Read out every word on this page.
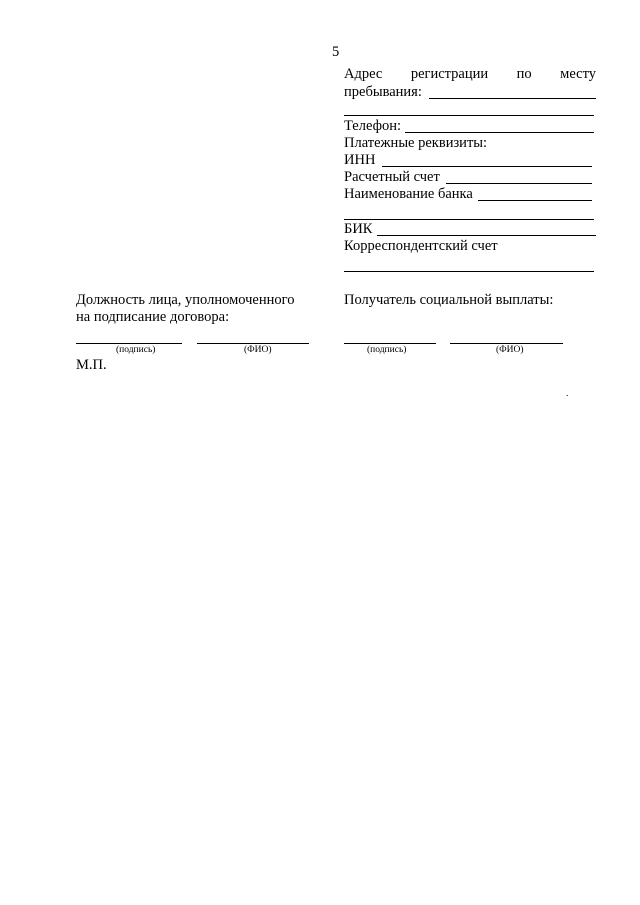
5
Адрес регистрации по месту
пребывания:
Телефон:
Платежные реквизиты:
ИНН
Расчетный счет
Наименование банка
БИК
Корреспондентский счет
Должность лица, уполномоченного
на подписание договора:
(подпись)	(ФИО)
М.П.
Получатель социальной выплаты:
(подпись)	(ФИО)
.
